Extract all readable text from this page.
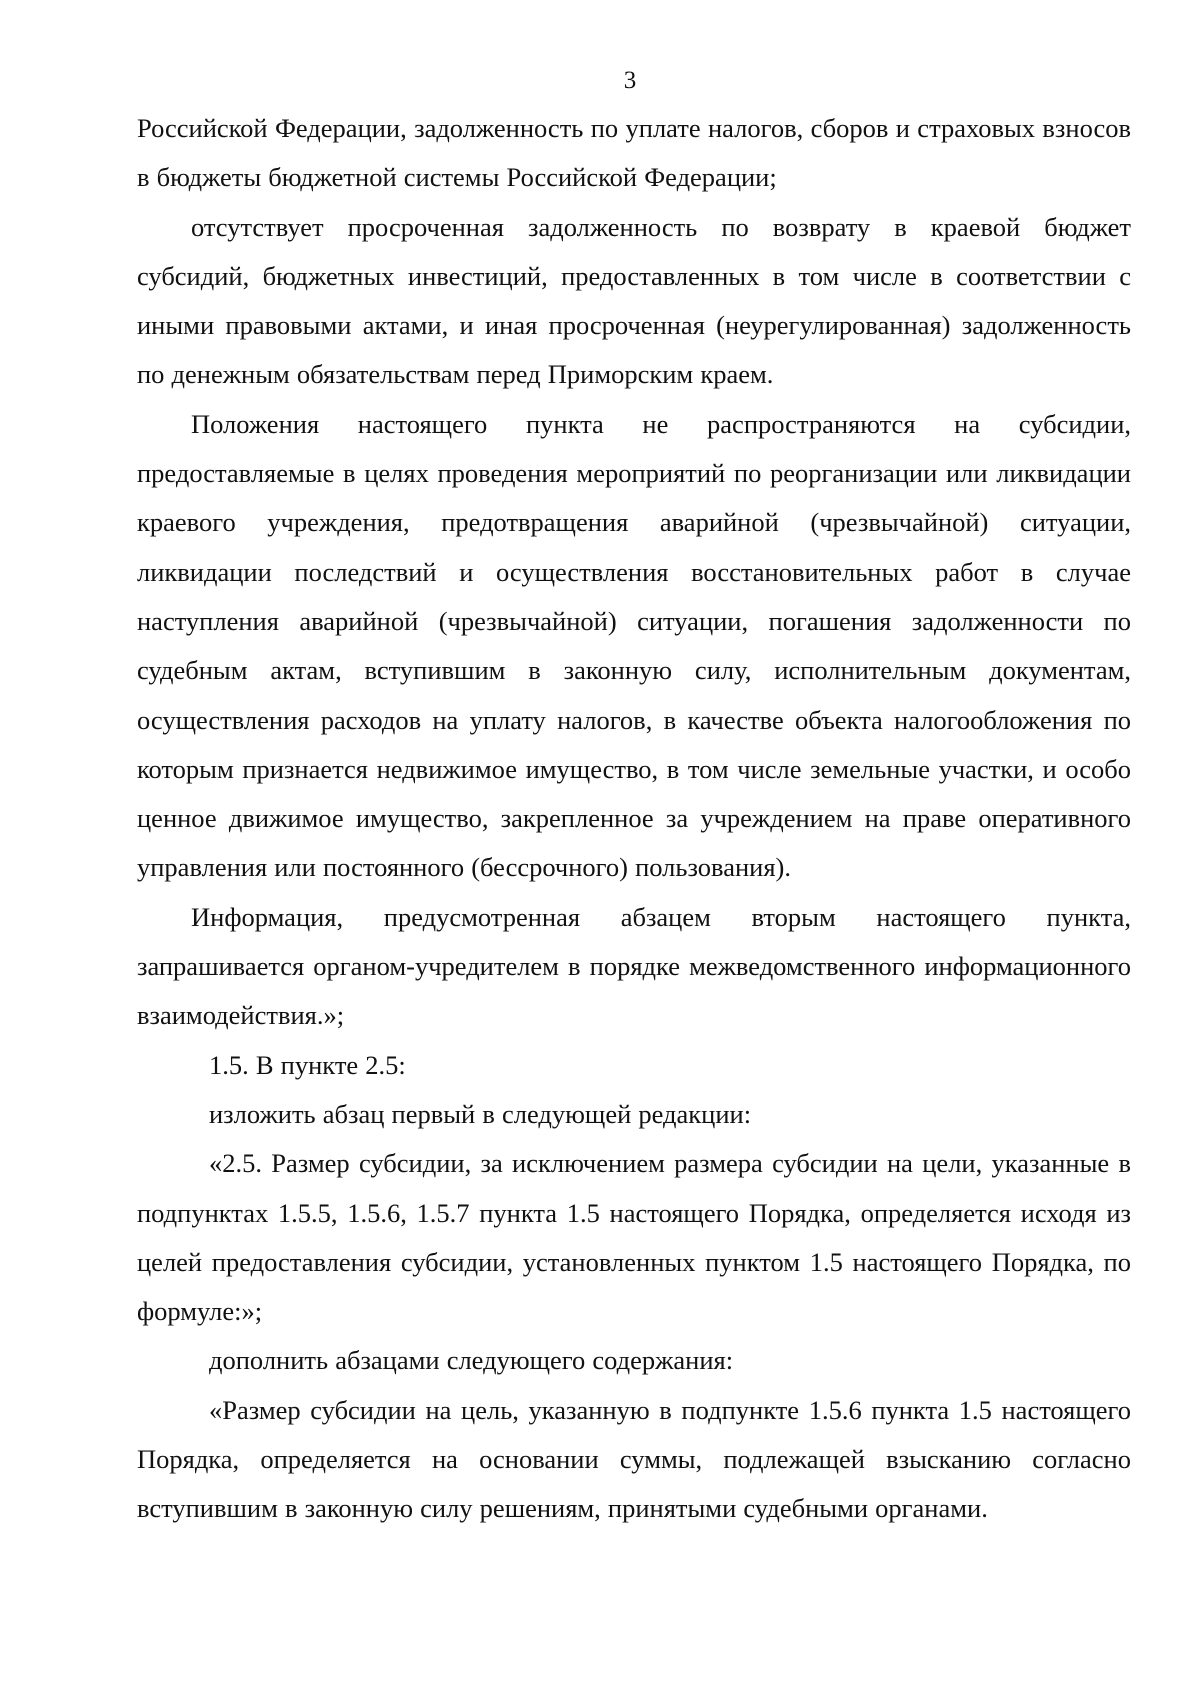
3

Российской Федерации, задолженность по уплате налогов, сборов и страховых взносов в бюджеты бюджетной системы Российской Федерации;

отсутствует просроченная задолженность по возврату в краевой бюджет субсидий, бюджетных инвестиций, предоставленных в том числе в соответствии с иными правовыми актами, и иная просроченная (неурегулированная) задолженность по денежным обязательствам перед Приморским краем.

Положения настоящего пункта не распространяются на субсидии, предоставляемые в целях проведения мероприятий по реорганизации или ликвидации краевого учреждения, предотвращения аварийной (чрезвычайной) ситуации, ликвидации последствий и осуществления восстановительных работ в случае наступления аварийной (чрезвычайной) ситуации, погашения задолженности по судебным актам, вступившим в законную силу, исполнительным документам, осуществления расходов на уплату налогов, в качестве объекта налогообложения по которым признается недвижимое имущество, в том числе земельные участки, и особо ценное движимое имущество, закрепленное за учреждением на праве оперативного управления или постоянного (бессрочного) пользования).

Информация, предусмотренная абзацем вторым настоящего пункта, запрашивается органом-учредителем в порядке межведомственного информационного взаимодействия.»;

1.5. В пункте 2.5:

изложить абзац первый в следующей редакции:

«2.5. Размер субсидии, за исключением размера субсидии на цели, указанные в подпунктах 1.5.5, 1.5.6, 1.5.7 пункта 1.5 настоящего Порядка, определяется исходя из целей предоставления субсидии, установленных пунктом 1.5 настоящего Порядка, по формуле:»;

дополнить абзацами следующего содержания:

«Размер субсидии на цель, указанную в подпункте 1.5.6 пункта 1.5 настоящего Порядка, определяется на основании суммы, подлежащей взысканию согласно вступившим в законную силу решениям, принятыми судебными органами.
